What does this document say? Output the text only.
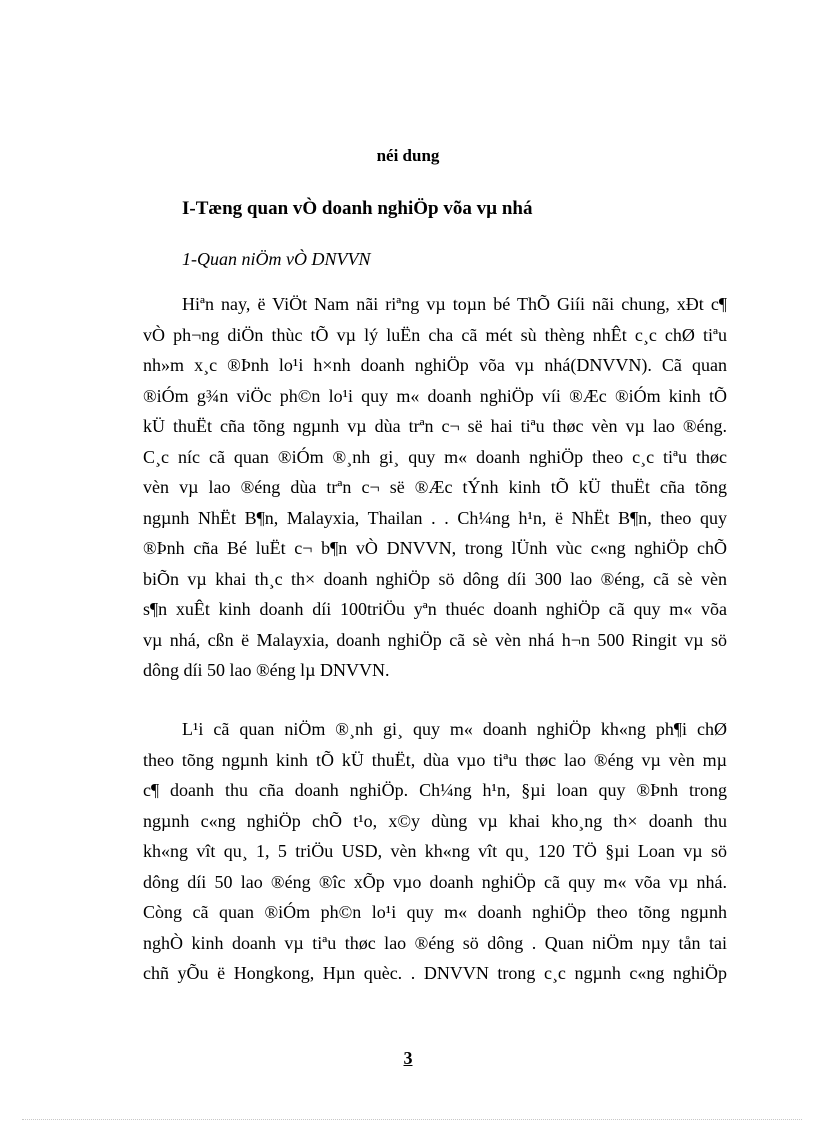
néi dung
I-Tæng quan vÒ doanh nghiÖp võa vµ nhá
1-Quan niÖm vÒ DNVVN
Hiªn nay, ë ViÖt Nam nãi riªng vµ toµn bé ThÕ Giíi nãi chung, xÐt c¶
vÒ ph¬ng diÖn thùc tÕ vµ lý luËn cha cã mét sù thèng nhÊt c¸c chØ tiªu
nh»m x¸c ®Þnh lo¹i h×nh doanh nghiÖp võa vµ nhá(DNVVN). Cã quan
®iÓm g¾n viÖc ph©n lo¹i quy m« doanh nghiÖp víi ®Æc ®iÓm kinh tÕ
kÜ thuËt cña tõng ngµnh vµ dùa trªn c¬ së hai tiªu thøc vèn vµ lao ®éng.
C¸c níc cã quan ®iÓm ®¸nh gi¸ quy m« doanh nghiÖp theo c¸c tiªu thøc
vèn vµ lao ®éng dùa trªn c¬ së ®Æc tÝnh kinh tÕ kÜ thuËt cña tõng
ngµnh NhËt B¶n, Malayxia, Thailan . . Ch¼ng h¹n, ë NhËt B¶n, theo quy
®Þnh cña Bé luËt c¬ b¶n vÒ DNVVN, trong lÜnh vùc c«ng nghiÖp chÕ
biÕn vµ khai th¸c th× doanh nghiÖp sö dông díi 300 lao ®éng, cã sè vèn
s¶n xuÊt kinh doanh díi 100triÖu yªn thuéc doanh nghiÖp cã quy m« võa
vµ nhá, cßn ë Malayxia, doanh nghiÖp cã sè vèn nhá h¬n 500 Ringit vµ sö
dông díi 50 lao ®éng lµ DNVVN.
L¹i cã quan niÖm ®¸nh gi¸ quy m« doanh nghiÖp kh«ng ph¶i chØ
theo tõng ngµnh kinh tÕ kÜ thuËt, dùa vµo tiªu thøc lao ®éng vµ vèn mµ
c¶ doanh thu cña doanh nghiÖp. Ch¼ng h¹n, §µi loan quy ®Þnh trong
ngµnh c«ng nghiÖp chÕ t¹o, x©y dùng vµ khai kho¸ng th× doanh thu
kh«ng vît qu¸ 1, 5 triÖu USD, vèn kh«ng vît qu¸ 120 TÖ §µi Loan vµ sö
dông díi 50 lao ®éng ®îc xÕp vµo doanh nghiÖp cã quy m« võa vµ nhá.
Còng cã quan ®iÓm ph©n lo¹i quy m« doanh nghiÖp theo tõng ngµnh
nghÒ kinh doanh vµ tiªu thøc lao ®éng sö dông . Quan niÖm nµy tån tai
chñ yÕu ë Hongkong, Hµn quèc. . DNVVN trong c¸c ngµnh c«ng nghiÖp
3
